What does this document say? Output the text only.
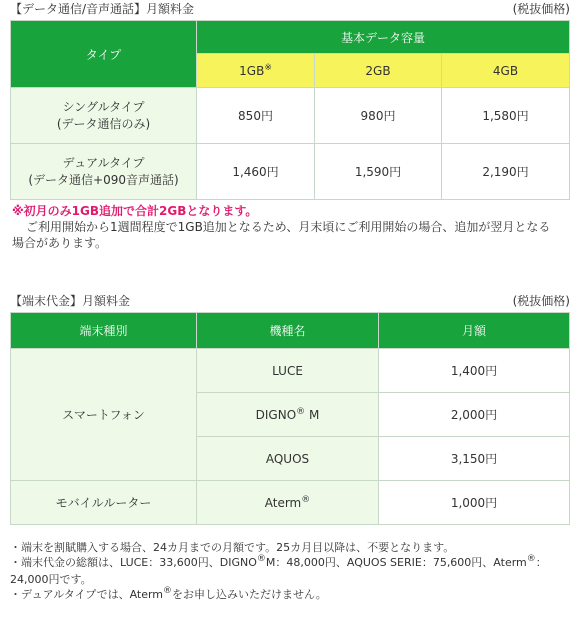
【データ通信/音声通話】月額料金	(税抜価格)
タイプ	基本データ容量		
	1GB※	2GB	4GB

シングルタイプ
(データ通信のみ)	850円	980円	1,580円

デュアルタイプ
(データ通信+090音声通話)	1,460円	1,590円	2,190円
※初月のみ1GB追加で合計2GBとなります。
ご利用開始から1週間程度で1GB追加となるため、月末頃にご利用開始の場合、追加が翌月となる
場合があります。
【端末代金】月額料金	(税抜価格)
端末種別	機種名	月額
スマートフォン	LUCE	1,400円
	DIGNO® M	2,000円
	AQUOS	3,150円
モバイルルーター	Aterm®	1,000円
・端末を割賦購入する場合、24カ月までの月額です。25カ月目以降は、不要となります。
・端末代金の総額は、LUCE：33,600円、DIGNO®M：48,000円、AQUOS SERIE：75,600円、Aterm®：
24,000円です。
・デュアルタイプでは、Aterm®をお申し込みいただけません。
